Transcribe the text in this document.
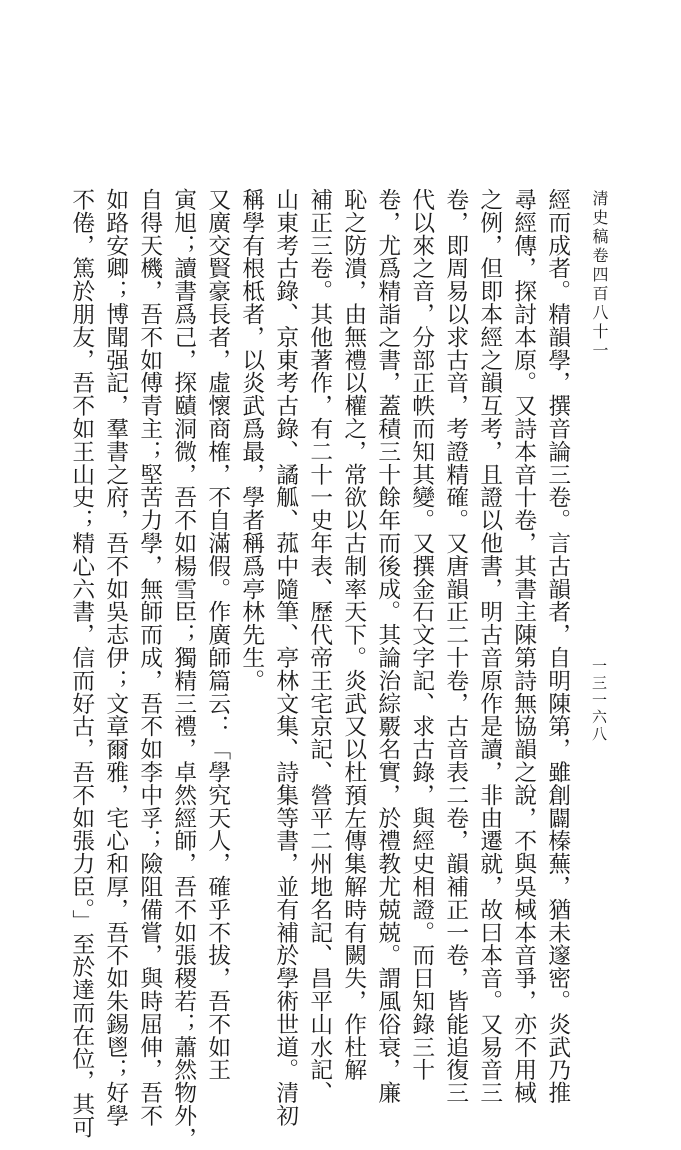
清史稿卷四百八十一
一三一六八
經而成者。精韻學，撰音論三卷。言古韻者，自明陳第，雖創闢榛蕪，猶未邃密。炎武乃推
尋經傳，探討本原。又詩本音十卷，其書主陳第詩無協韻之說，不與吳棫本音爭，亦不用棫
之例，但即本經之韻互考，且證以他書，明古音原作是讀，非由遷就，故曰本音。又易音三
卷，即周易以求古音，考證精確。又唐韻正二十卷，古音表二卷，韻補正一卷，皆能追復三
代以來之音，分部正帙而知其變。又撰金石文字記、求古錄，與經史相證。而日知錄三十
卷，尤爲精詣之書，蓋積三十餘年而後成。其論治綜覈名實，於禮教尤兢兢。謂風俗衰，廉
恥之防潰，由無禮以權之，常欲以古制率天下。炎武又以杜預左傳集解時有闕失，作杜解
補正三卷。其他著作，有二十一史年表、歷代帝王宅京記、營平二州地名記、昌平山水記、
山東考古錄、京東考古錄、譎觚、菰中隨筆、亭林文集、詩集等書，並有補於學術世道。清初
稱學有根柢者，以炎武爲最，學者稱爲亭林先生。
又廣交賢豪長者，虛懷商榷，不自滿假。作廣師篇云：「學究天人，確乎不拔，吾不如王
寅旭；讀書爲己，探賾洞微，吾不如楊雪臣；獨精三禮，卓然經師，吾不如張稷若；蕭然物外，
自得天機，吾不如傅青主；堅苦力學，無師而成，吾不如李中孚；險阻備嘗，與時屈伸，吾不
如路安卿；博聞强記，羣書之府，吾不如吳志伊；文章爾雅，宅心和厚，吾不如朱錫鬯；好學
不倦，篤於朋友，吾不如王山史；精心六書，信而好古，吾不如張力臣。」至於達而在位，其可
